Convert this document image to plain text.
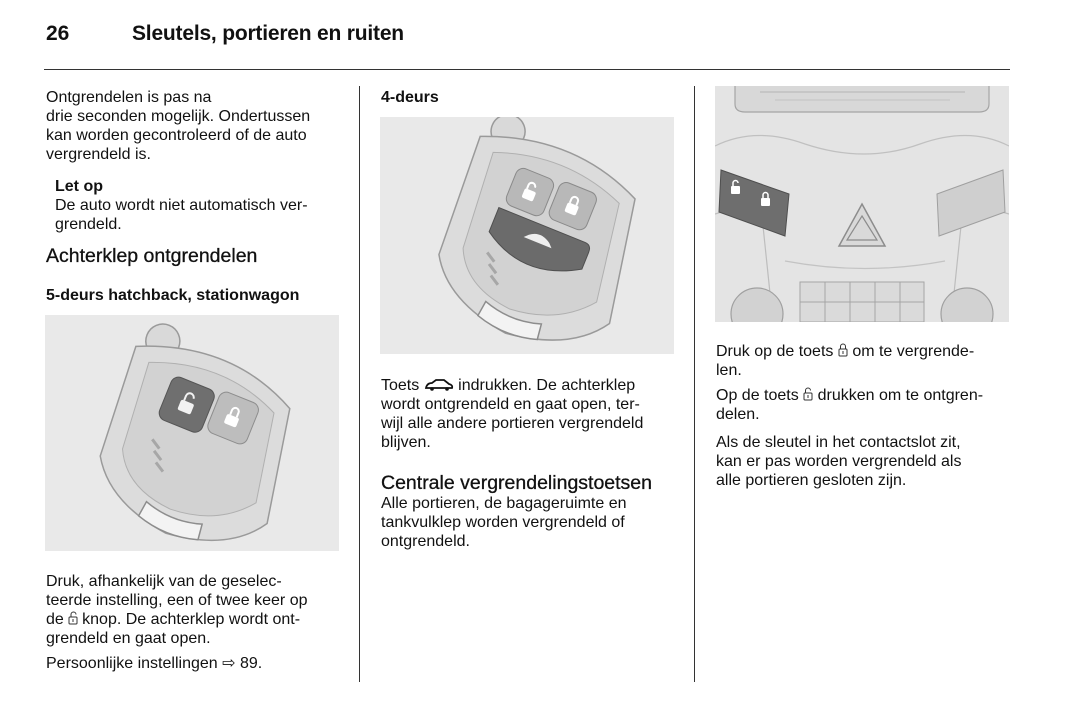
26	Sleutels, portieren en ruiten

Ontgrendelen is pas na

drie seconden mogelijk. Ondertussen

kan worden gecontroleerd of de auto

vergrendeld is.

Let op

De auto wordt niet automatisch ver-

grendeld.

Achterklep ontgrendelen

5-deurs hatchback, stationwagon

Druk, afhankelijk van de geselec-

teerde instelling, een of twee keer op

de knop. De achterklep wordt ont-

grendeld en gaat open.

Persoonlijke instellingen ⇨ 89.

4-deurs

Toets indrukken. De achterklep

wordt ontgrendeld en gaat open, ter-

wijl alle andere portieren vergrendeld

blijven.

Centrale vergrendelingstoetsen

Alle portieren, de bagageruimte en

tankvulklep worden vergrendeld of

ontgrendeld.

Druk op de toets om te vergrende-

len.

Op de toets drukken om te ontgren-

delen.

Als de sleutel in het contactslot zit,

kan er pas worden vergrendeld als

alle portieren gesloten zijn.
